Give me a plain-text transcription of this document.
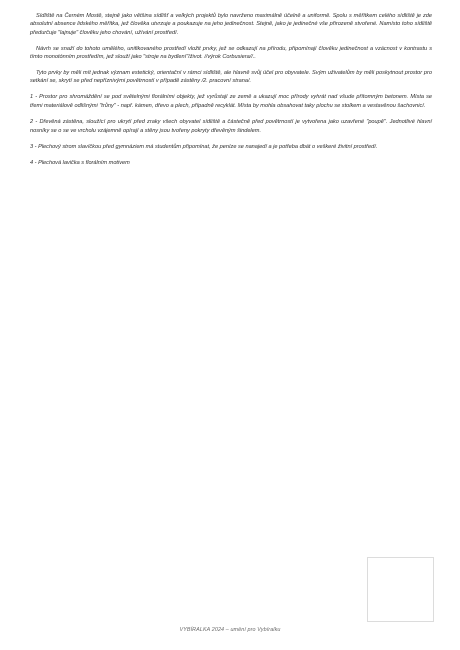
Sídliště na Černém Mostě, stejně jako většina sídlišť a velkých projektů bylo navrženo maximálně účelně a uniformě. Spolu s měřítkem celého sídliště je zde absolutní absence lidského měřítka, jež člověka utvrzuje a poukazuje na jeho jedinečnost. Stejně, jako je jedinečné vše přirozeně stvořené. Namísto toho sídliště předurčuje "lajnuje" člověku jeho chování, užívání prostředí.

Návrh se snaží do tohoto umělého, unifikovaného prostředí vložit prvky, jež se odkazují na přírodu, připomínají člověku jedinečnost a vzácnost v kontrastu s tímto monotónním prostředím, jež slouží jako "stroje na bydlení"/život. //výrok Corbusiera//..

Tyto prvky by měli mít jednak význam estetický, orientační v rámci sídliště, ale hlavně svůj účel pro obyvatele. Svým uživatelům by měli poskytnout prostor pro setkání se, skrytí se před nepříznivými povětrností v případě zástěny /2. pracovní strana/.

1 - Prostor pro shromáždění se pod světelnými florálními objekty, jež vyrůstají ze země a ukazují moc přírody vyhrát nad všude přítomným betonem. Místa se třemi materiálově odlišnými "trůny" - např. kámen, dřevo a plech, případně recyklát. Místa by mohla obsahovat taky plochu se stolkem a vestavěnou šachovnicí.

2 - Dřevěná zástěna, sloužící pro ukrytí před zraky všech obyvatel sídliště a částečně před povětrností je vytvořena jako uzavřené "poupě". Jednotlivé hlavní nosníky se o se ve vrcholu vzájemně opírají a stěny jsou tvořeny pokryty dřevěným šindelem.

3 - Plechový strom slavíčkou před gymnáziem má studentům připomínat, že peníze se nanajedí a je potřeba dbát o veškeré živitní prostředí.

4 - Plechová lavička s florálním motivem

VYBÍRALKA 2024 – umění pro Vybíralku
